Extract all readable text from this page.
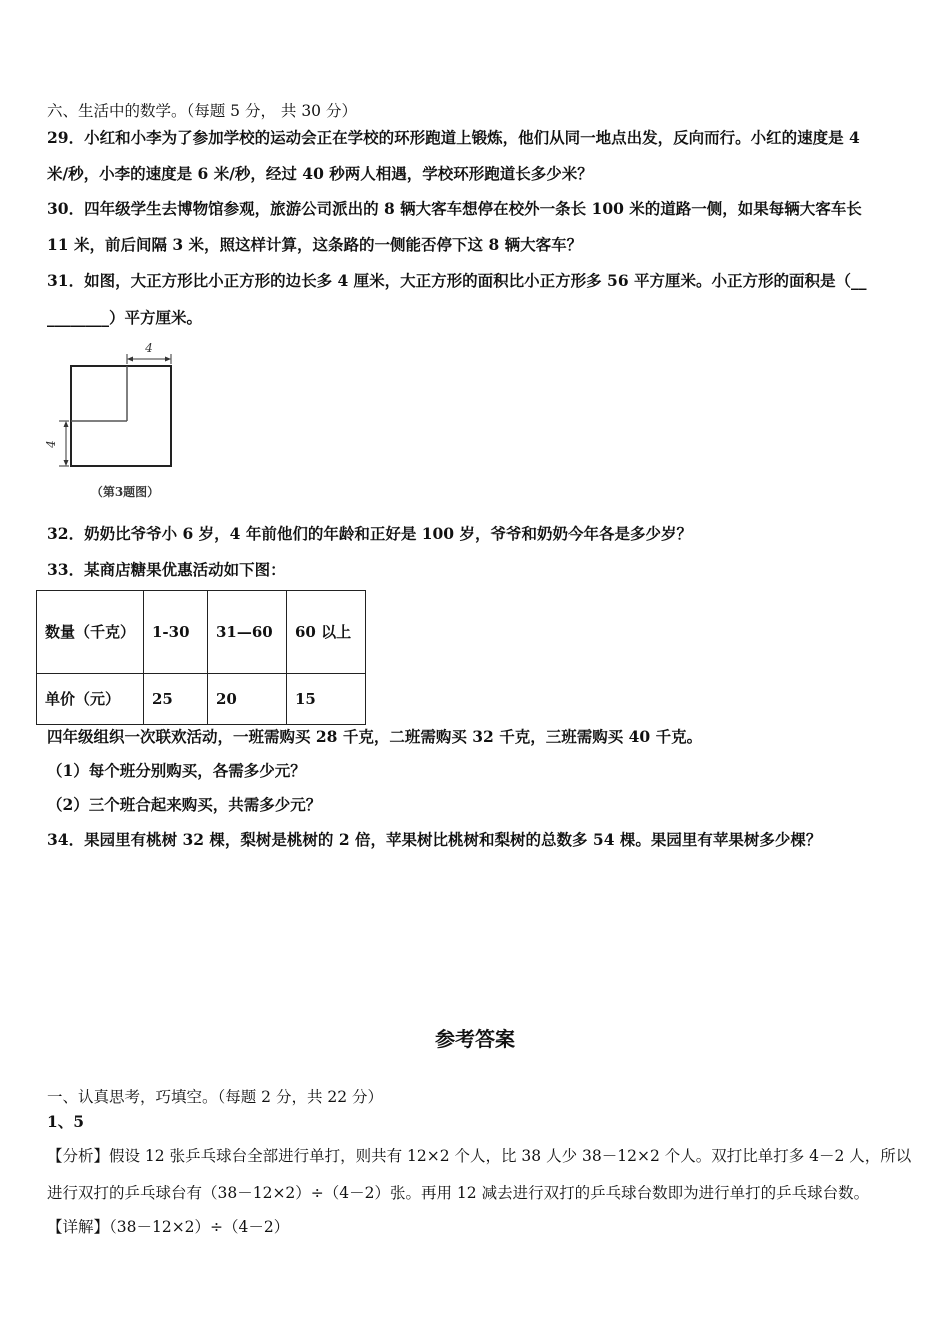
六、生活中的数学。（每题 5 分， 共 30 分）
29．小红和小李为了参加学校的运动会正在学校的环形跑道上锻炼，他们从同一地点出发，反向而行。小红的速度是 4
米/秒，小李的速度是 6 米/秒，经过 40 秒两人相遇，学校环形跑道长多少米？
30．四年级学生去博物馆参观，旅游公司派出的 8 辆大客车想停在校外一条长 100 米的道路一侧，如果每辆大客车长
11 米，前后间隔 3 米，照这样计算，这条路的一侧能否停下这 8 辆大客车？
31．如图，大正方形比小正方形的边长多 4 厘米，大正方形的面积比小正方形多 56 平方厘米。小正方形的面积是（__
________）平方厘米。
4
4
（第3题图）
32．奶奶比爷爷小 6 岁，4 年前他们的年龄和正好是 100 岁，爷爷和奶奶今年各是多少岁？
33．某商店糖果优惠活动如下图：
数量（千克）	1-30	31—60	60 以上
单价（元）	25	20	15
四年级组织一次联欢活动，一班需购买 28 千克，二班需购买 32 千克，三班需购买 40 千克。
（1）每个班分别购买，各需多少元？
（2）三个班合起来购买，共需多少元？
34．果园里有桃树 32 棵，梨树是桃树的 2 倍，苹果树比桃树和梨树的总数多 54 棵。果园里有苹果树多少棵？
参考答案
一、认真思考，巧填空。（每题 2 分，共 22 分）
1、5
【分析】假设 12 张乒乓球台全部进行单打，则共有 12×2 个人，比 38 人少 38－12×2 个人。双打比单打多 4－2 人，所以
进行双打的乒乓球台有（38－12×2）÷（4－2）张。再用 12 减去进行双打的乒乓球台数即为进行单打的乒乓球台数。
【详解】（38－12×2）÷（4－2）
